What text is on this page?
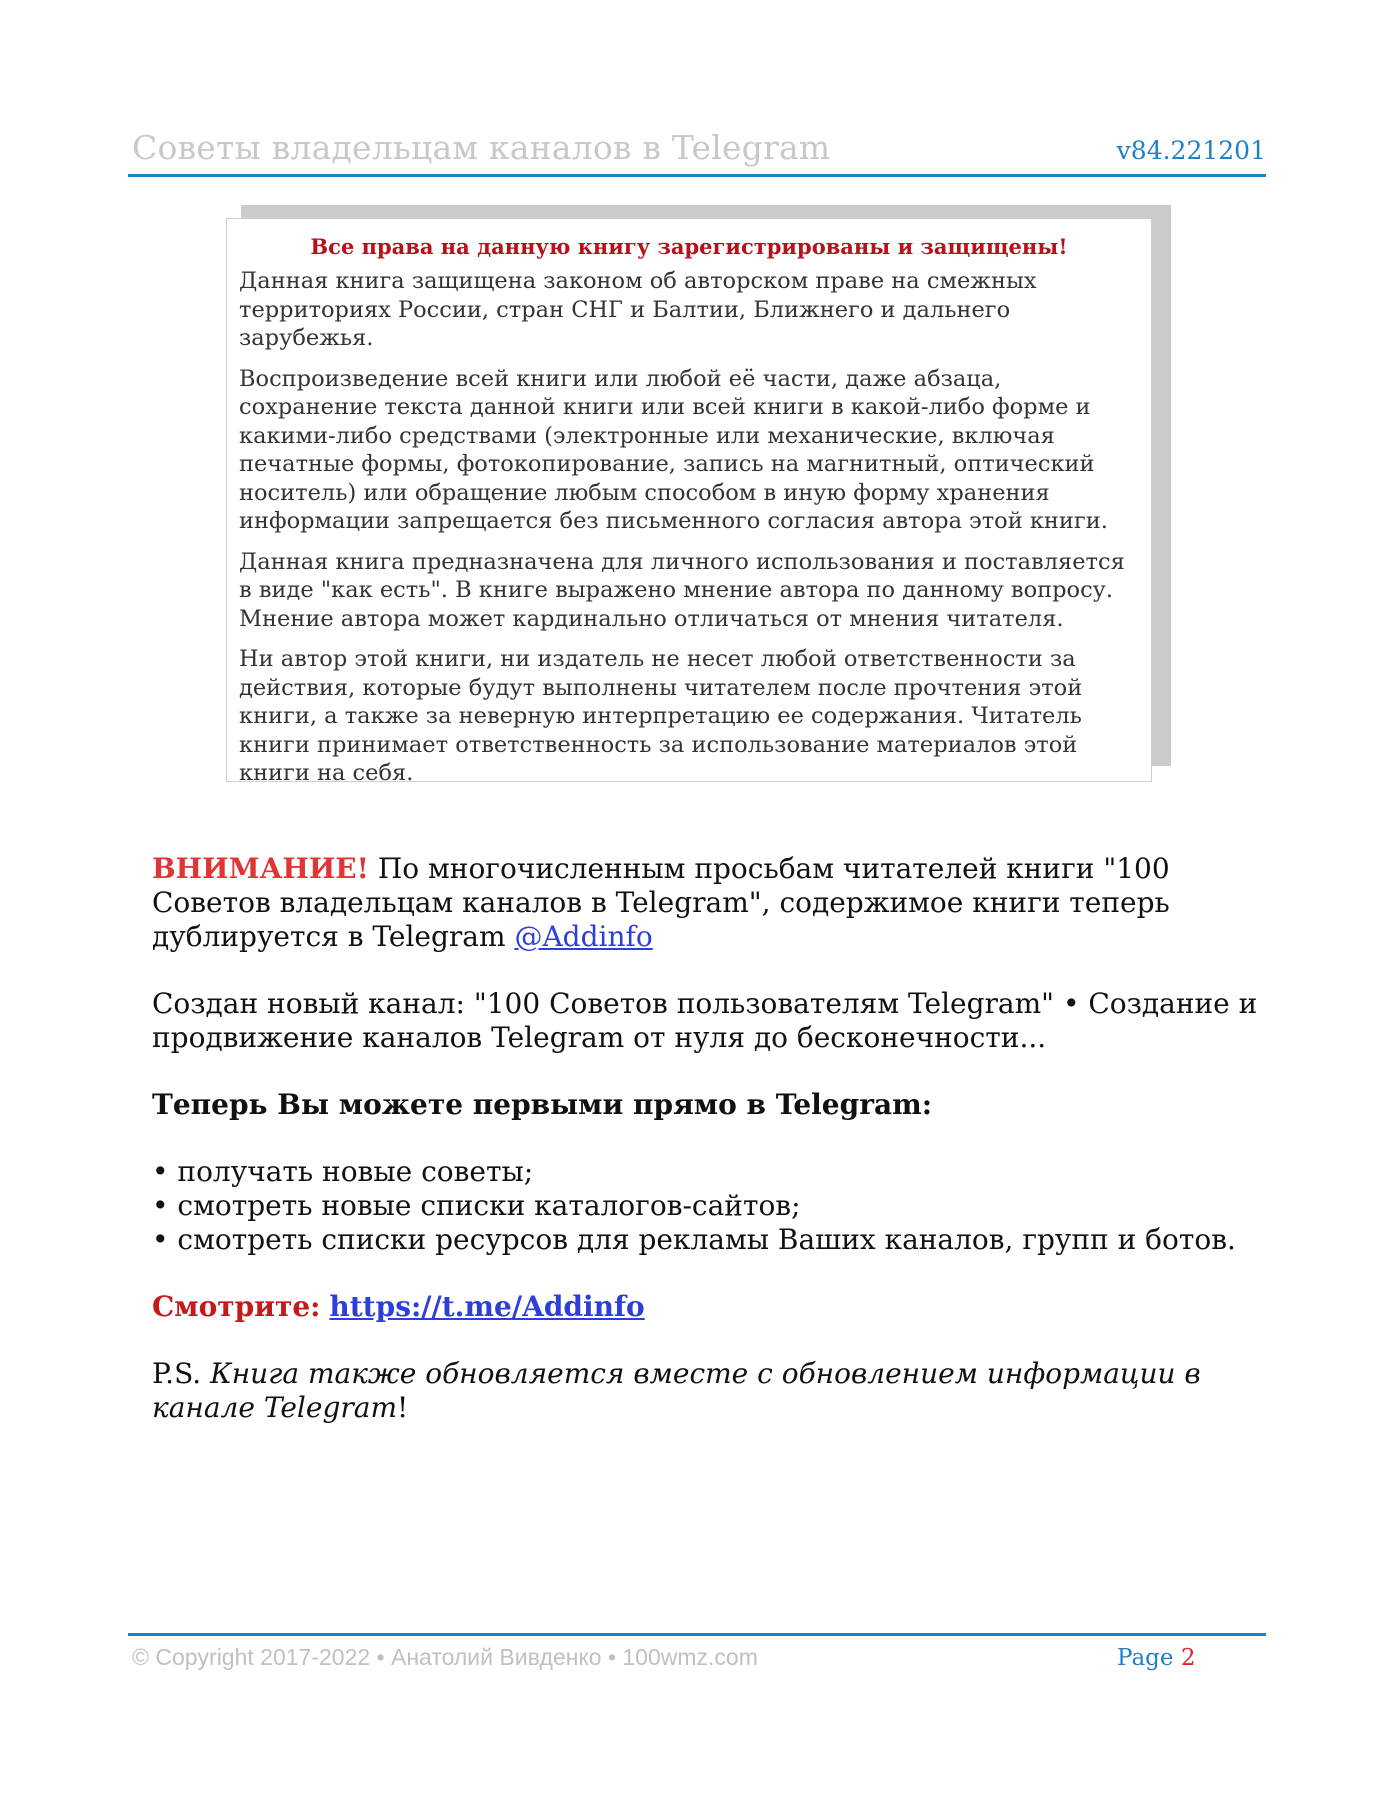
Советы владельцам каналов в Telegram	v84.221201

Все права на данную книгу зарегистрированы и защищены!

Данная книга защищена законом об авторском праве на смежных территориях России, стран СНГ и Балтии, Ближнего и дальнего зарубежья.

Воспроизведение всей книги или любой её части, даже абзаца, сохранение текста данной книги или всей книги в какой-либо форме и какими-либо средствами (электронные или механические, включая печатные формы, фотокопирование, запись на магнитный, оптический носитель) или обращение любым способом в иную форму хранения информации запрещается без письменного согласия автора этой книги.

Данная книга предназначена для личного использования и поставляется в виде "как есть". В книге выражено мнение автора по данному вопросу. Мнение автора может кардинально отличаться от мнения читателя.

Ни автор этой книги, ни издатель не несет любой ответственности за действия, которые будут выполнены читателем после прочтения этой книги, а также за неверную интерпретацию ее содержания. Читатель книги принимает ответственность за использование материалов этой книги на себя.

ВНИМАНИЕ! По многочисленным просьбам читателей книги "100 Советов владельцам каналов в Telegram", содержимое книги теперь дублируется в Telegram @Addinfo

Создан новый канал: "100 Советов пользователям Telegram" • Создание и продвижение каналов Telegram от нуля до бесконечности...

Теперь Вы можете первыми прямо в Telegram:

• получать новые советы;

• смотреть новые списки каталогов-сайтов;

• смотреть списки ресурсов для рекламы Ваших каналов, групп и ботов.

Смотрите: https://t.me/Addinfo

P.S. Книга также обновляется вместе с обновлением информации в канале Telegram!

© Copyright 2017-2022 • Анатолий Вивденко • 100wmz.com	Page 2
